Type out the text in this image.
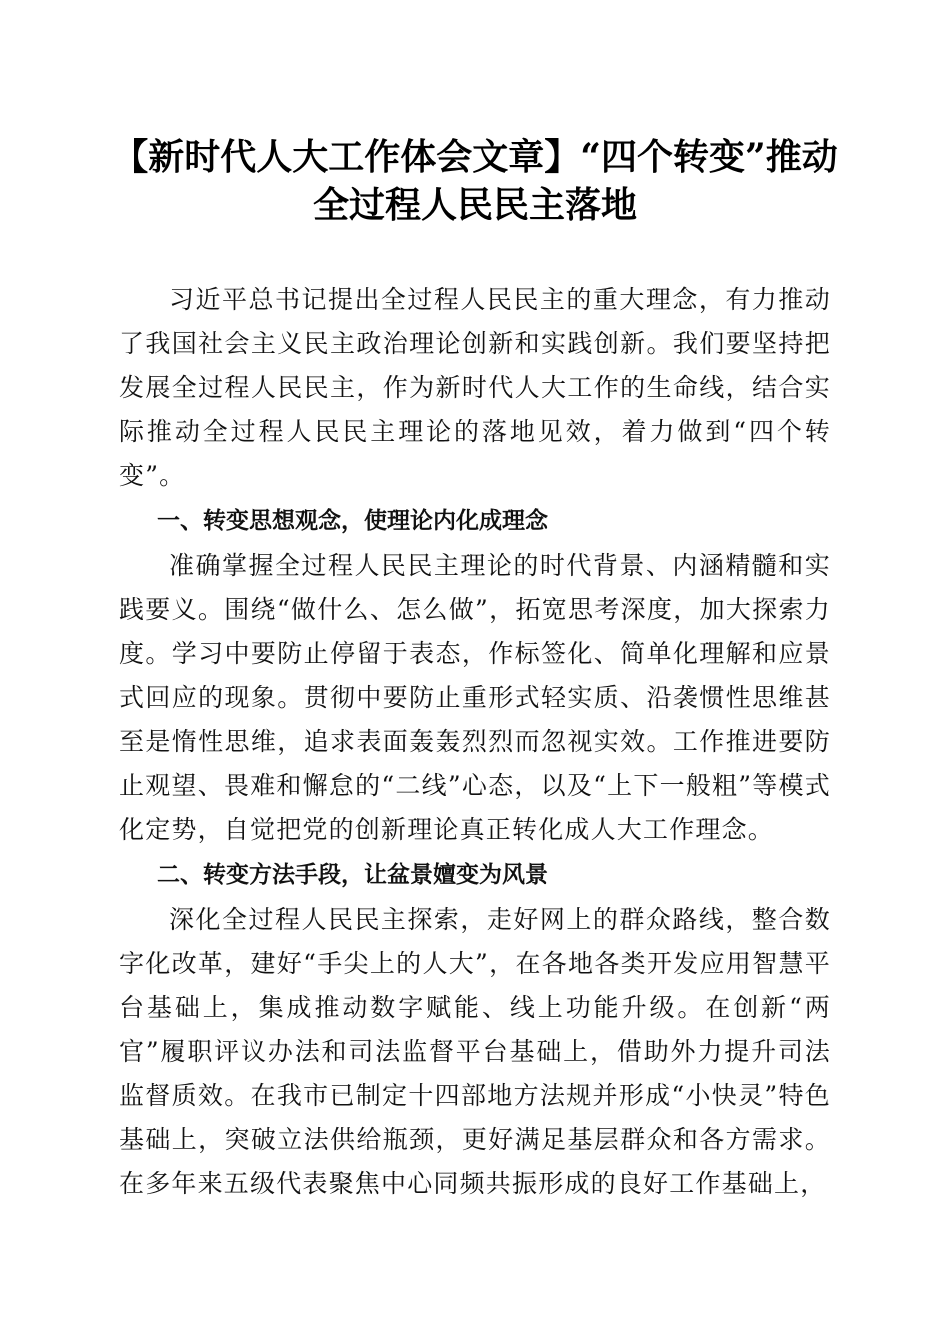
【新时代人大工作体会文章】“四个转变”推动全过程人民民主落地

习近平总书记提出全过程人民民主的重大理念，有力推动了我国社会主义民主政治理论创新和实践创新。我们要坚持把发展全过程人民民主，作为新时代人大工作的生命线，结合实际推动全过程人民民主理论的落地见效，着力做到“四个转变”。

一、转变思想观念，使理论内化成理念

准确掌握全过程人民民主理论的时代背景、内涵精髓和实践要义。围绕“做什么、怎么做”，拓宽思考深度，加大探索力度。学习中要防止停留于表态，作标签化、简单化理解和应景式回应的现象。贯彻中要防止重形式轻实质、沿袭惯性思维甚至是惰性思维，追求表面轰轰烈烈而忽视实效。工作推进要防止观望、畏难和懈怠的“二线”心态，以及“上下一般粗”等模式化定势，自觉把党的创新理论真正转化成人大工作理念。

二、转变方法手段，让盆景嬗变为风景

深化全过程人民民主探索，走好网上的群众路线，整合数字化改革，建好“手尖上的人大”，在各地各类开发应用智慧平台基础上，集成推动数字赋能、线上功能升级。在创新“两官”履职评议办法和司法监督平台基础上，借助外力提升司法监督质效。在我市已制定十四部地方法规并形成“小快灵”特色基础上，突破立法供给瓶颈，更好满足基层群众和各方需求。在多年来五级代表聚焦中心同频共振形成的良好工作基础上，
